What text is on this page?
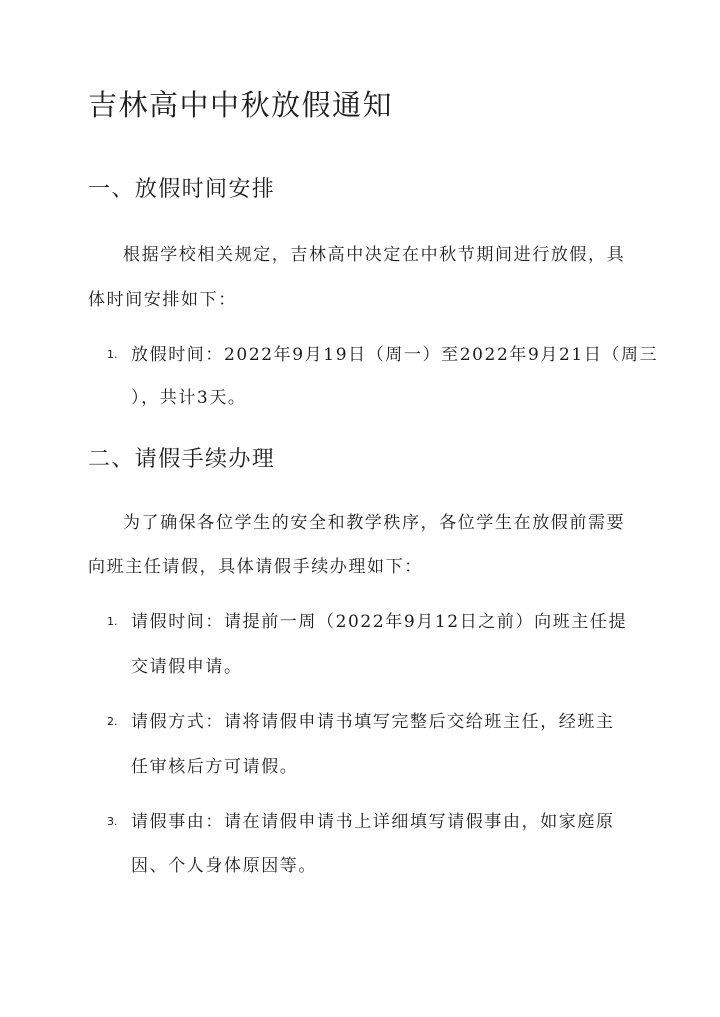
吉林高中中秋放假通知
一、放假时间安排
根据学校相关规定，吉林高中决定在中秋节期间进行放假，具
体时间安排如下：
1. 放假时间：2022年9月19日（周一）至2022年9月21日（周三
），共计3天。
二、请假手续办理
为了确保各位学生的安全和教学秩序，各位学生在放假前需要
向班主任请假，具体请假手续办理如下：
1. 请假时间：请提前一周（2022年9月12日之前）向班主任提
交请假申请。
2. 请假方式：请将请假申请书填写完整后交给班主任，经班主
任审核后方可请假。
3. 请假事由：请在请假申请书上详细填写请假事由，如家庭原
因、个人身体原因等。
